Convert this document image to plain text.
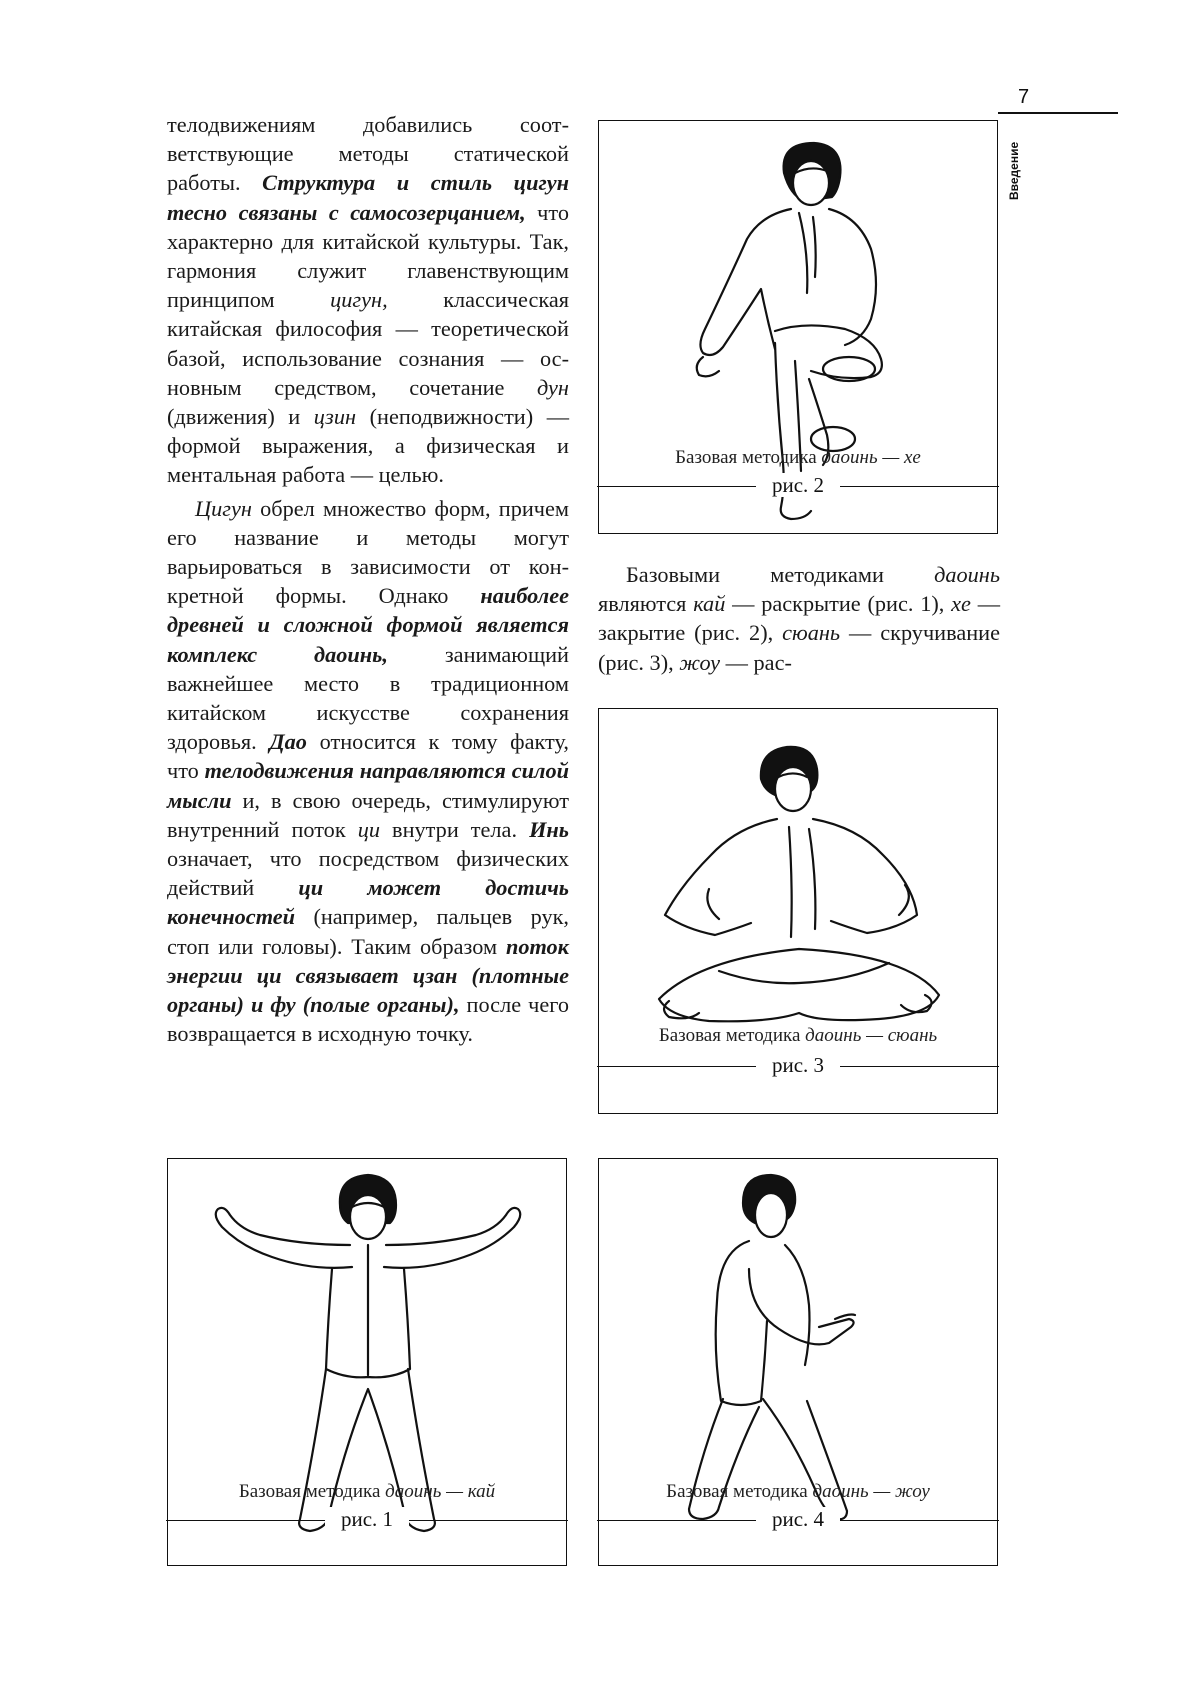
7
Введение

телодвижениям добавились соответствующие методы статической работы. Структура и стиль цигун тесно связаны с самосозерцанием, что характерно для китайской культуры. Так, гармония служит главенствующим принципом цигун, классическая китайская философия — теоретической базой, использование сознания — основным средством, сочетание дун (движения) и цзин (неподвижности) — формой выражения, а физическая и ментальная работа — целью.

Цигун обрел множество форм, причем его название и методы могут варьироваться в зависимости от конкретной формы. Однако наиболее древней и сложной формой является комплекс даоинь, занимающий важнейшее место в традиционном китайском искусстве сохранения здоровья. Дао относится к тому факту, что телодвижения направляются силой мысли и, в свою очередь, стимулируют внутренний поток ци внутри тела. Инь означает, что посредством физических действий ци может достичь конечностей (например, пальцев рук, стоп или головы). Таким образом поток энергии ци связывает цзан (плотные органы) и фу (полые органы), после чего возвращается в исходную точку.

Базовыми методиками даоинь являются кай — раскрытие (рис. 1), хе — закрытие (рис. 2), сюань — скручивание (рис. 3), жоу — рас-

Базовая методика даоинь — хе
рис. 2
Базовая методика даоинь — сюань
рис. 3
Базовая методика даоинь — кай
рис. 1
Базовая методика даоинь — жоу
рис. 4
